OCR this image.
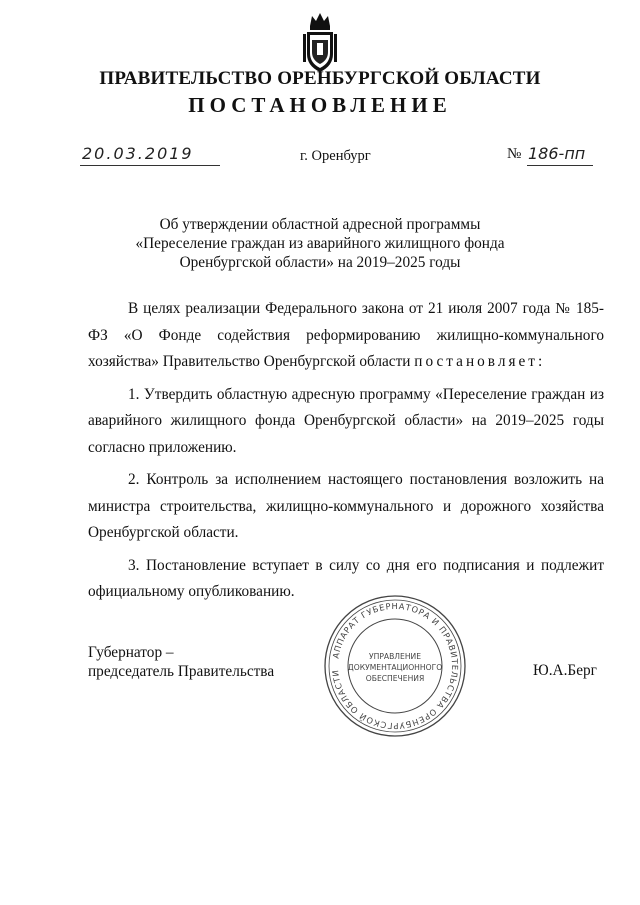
ПРАВИТЕЛЬСТВО ОРЕНБУРГСКОЙ ОБЛАСТИ
ПОСТАНОВЛЕНИЕ
20.03.2019	г. Оренбург	№ 186-пп
Об утверждении областной адресной программы
«Переселение граждан из аварийного жилищного фонда
Оренбургской области» на 2019–2025 годы

В целях реализации Федерального закона от 21 июля 2007 года № 185-ФЗ «О Фонде содействия реформированию жилищно-коммунального хозяйства» Правительство Оренбургской области постановляет:

1. Утвердить областную адресную программу «Переселение граждан из аварийного жилищного фонда Оренбургской области» на 2019–2025 годы согласно приложению.

2. Контроль за исполнением настоящего постановления возложить на министра строительства, жилищно-коммунального и дорожного хозяйства Оренбургской области.

3. Постановление вступает в силу со дня его подписания и подлежит официальному опубликованию.

Губернатор –
председатель Правительства	Ю.А.Берг
АППАРАТ ГУБЕРНАТОРА И ПРАВИТЕЛЬСТВА ОРЕНБУРГСКОЙ ОБЛАСТИ
УПРАВЛЕНИЕ
ДОКУМЕНТАЦИОННОГО
ОБЕСПЕЧЕНИЯ
